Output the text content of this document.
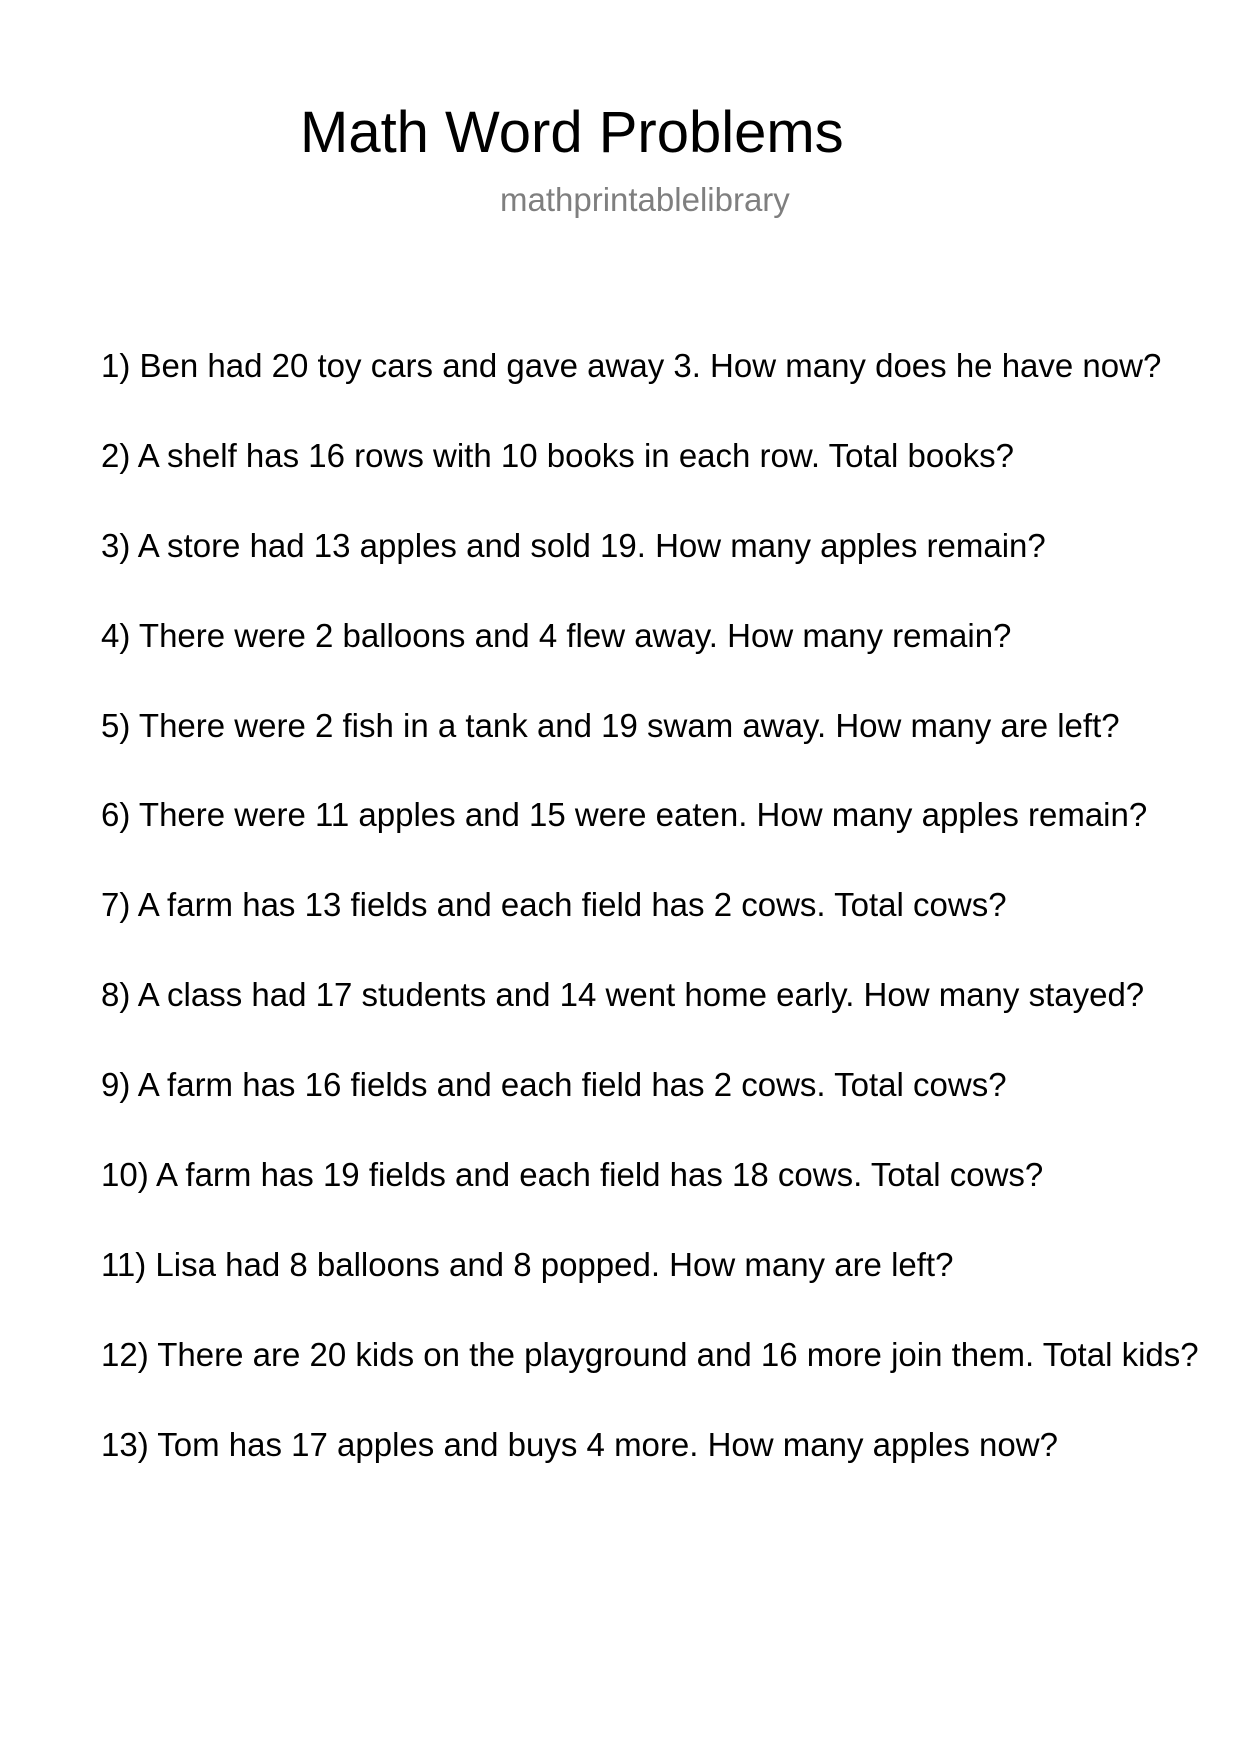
Math Word Problems
mathprintablelibrary
1) Ben had 20 toy cars and gave away 3. How many does he have now?
2) A shelf has 16 rows with 10 books in each row. Total books?
3) A store had 13 apples and sold 19. How many apples remain?
4) There were 2 balloons and 4 flew away. How many remain?
5) There were 2 fish in a tank and 19 swam away. How many are left?
6) There were 11 apples and 15 were eaten. How many apples remain?
7) A farm has 13 fields and each field has 2 cows. Total cows?
8) A class had 17 students and 14 went home early. How many stayed?
9) A farm has 16 fields and each field has 2 cows. Total cows?
10) A farm has 19 fields and each field has 18 cows. Total cows?
11) Lisa had 8 balloons and 8 popped. How many are left?
12) There are 20 kids on the playground and 16 more join them. Total kids?
13) Tom has 17 apples and buys 4 more. How many apples now?
